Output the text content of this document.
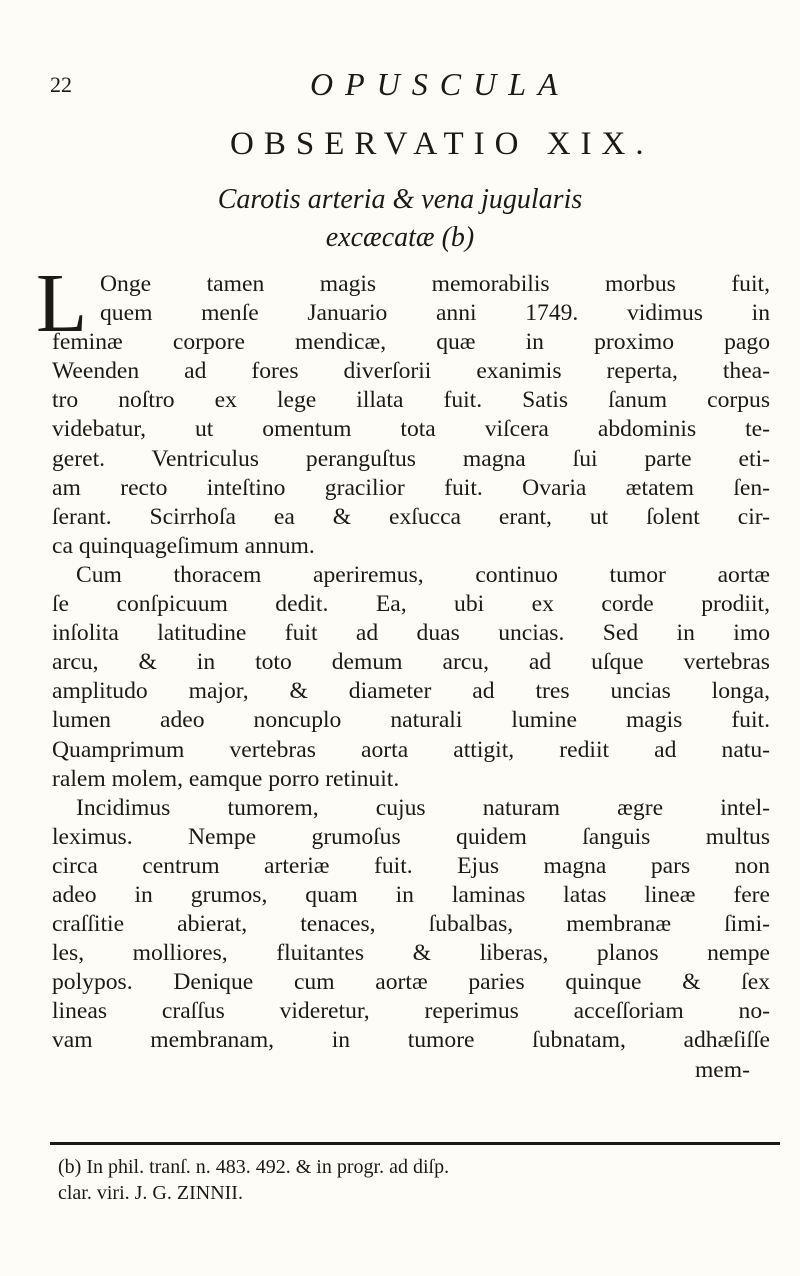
22	OPUSCULA
OBSERVATIO XIX.
Carotis arteria & vena jugularis
excæcatæ (b)
L Onge tamen magis memorabilis morbus fuit,
quem menſe Januario anni 1749. vidimus in
feminæ corpore mendicæ, quæ in proximo pago
Weenden ad fores diverſorii exanimis reperta, thea-
tro noſtro ex lege illata fuit. Satis ſanum corpus
videbatur, ut omentum tota viſcera abdominis te-
geret. Ventriculus peranguſtus magna ſui parte eti-
am recto inteſtino gracilior fuit. Ovaria ætatem ſen-
ſerant. Scirrhoſa ea & exſucca erant, ut ſolent cir-
ca quinquageſimum annum.
Cum thoracem aperiremus, continuo tumor aortæ
ſe conſpicuum dedit. Ea, ubi ex corde prodiit,
inſolita latitudine fuit ad duas uncias. Sed in imo
arcu, & in toto demum arcu, ad uſque vertebras
amplitudo major, & diameter ad tres uncias longa,
lumen adeo noncuplo naturali lumine magis fuit.
Quamprimum vertebras aorta attigit, rediit ad natu-
ralem molem, eamque porro retinuit.
Incidimus tumorem, cujus naturam ægre intel-
leximus. Nempe grumoſus quidem ſanguis multus
circa centrum arteriæ fuit. Ejus magna pars non
adeo in grumos, quam in laminas latas lineæ fere
craſſitie abierat, tenaces, ſubalbas, membranæ ſimi-
les, molliores, fluitantes & liberas, planos nempe
polypos. Denique cum aortæ paries quinque & ſex
lineas craſſus videretur, reperimus acceſſoriam no-
vam membranam, in tumore ſubnatam, adhæſiſſe
mem-
(b) In phil. tranſ. n. 483. 492. & in progr. ad diſp.
clar. viri. J. G. ZINNII.
